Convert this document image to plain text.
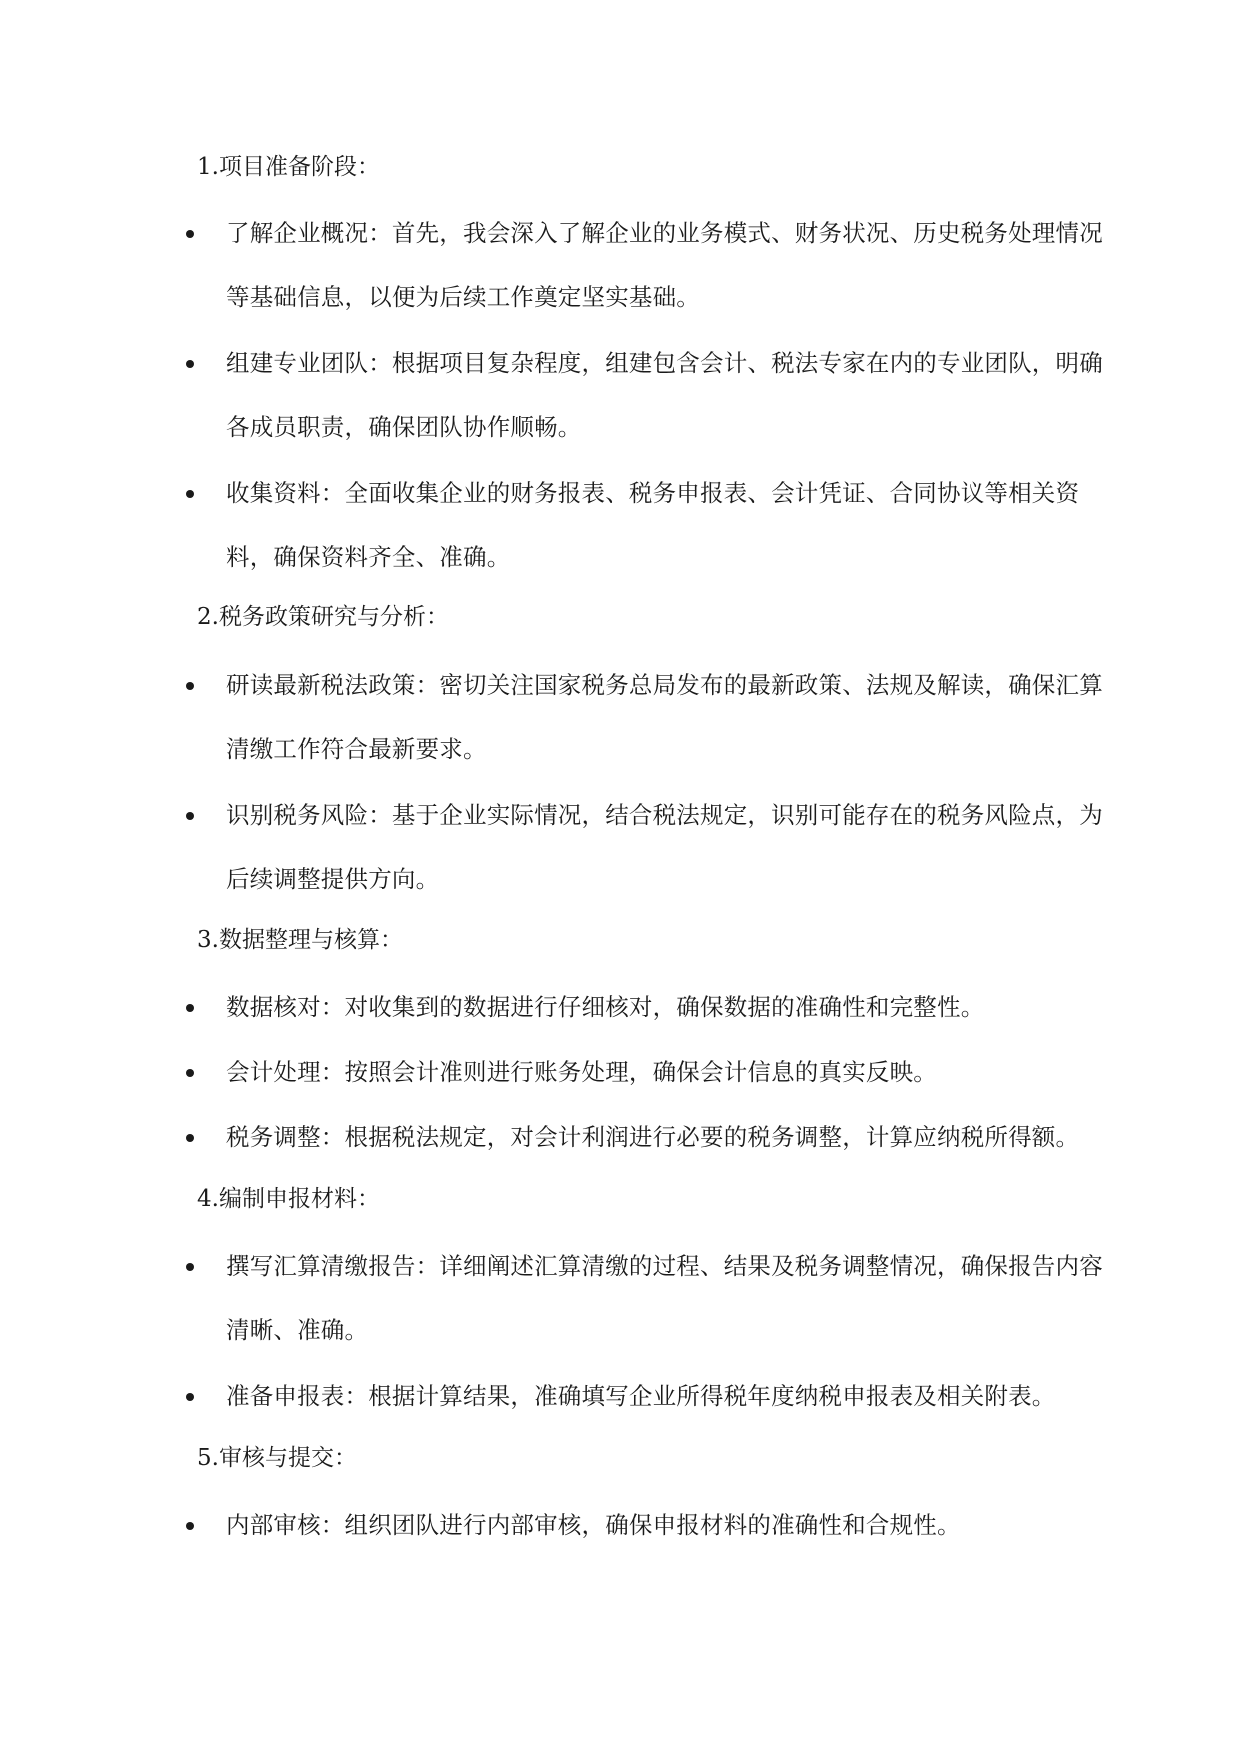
1.项目准备阶段：
了解企业概况：首先，我会深入了解企业的业务模式、财务状况、历史税务处理情况等基础信息，以便为后续工作奠定坚实基础。
组建专业团队：根据项目复杂程度，组建包含会计、税法专家在内的专业团队，明确各成员职责，确保团队协作顺畅。
收集资料：全面收集企业的财务报表、税务申报表、会计凭证、合同协议等相关资料，确保资料齐全、准确。
2.税务政策研究与分析：
研读最新税法政策：密切关注国家税务总局发布的最新政策、法规及解读，确保汇算清缴工作符合最新要求。
识别税务风险：基于企业实际情况，结合税法规定，识别可能存在的税务风险点，为后续调整提供方向。
3.数据整理与核算：
数据核对：对收集到的数据进行仔细核对，确保数据的准确性和完整性。
会计处理：按照会计准则进行账务处理，确保会计信息的真实反映。
税务调整：根据税法规定，对会计利润进行必要的税务调整，计算应纳税所得额。
4.编制申报材料：
撰写汇算清缴报告：详细阐述汇算清缴的过程、结果及税务调整情况，确保报告内容清晰、准确。
准备申报表：根据计算结果，准确填写企业所得税年度纳税申报表及相关附表。
5.审核与提交：
内部审核：组织团队进行内部审核，确保申报材料的准确性和合规性。
